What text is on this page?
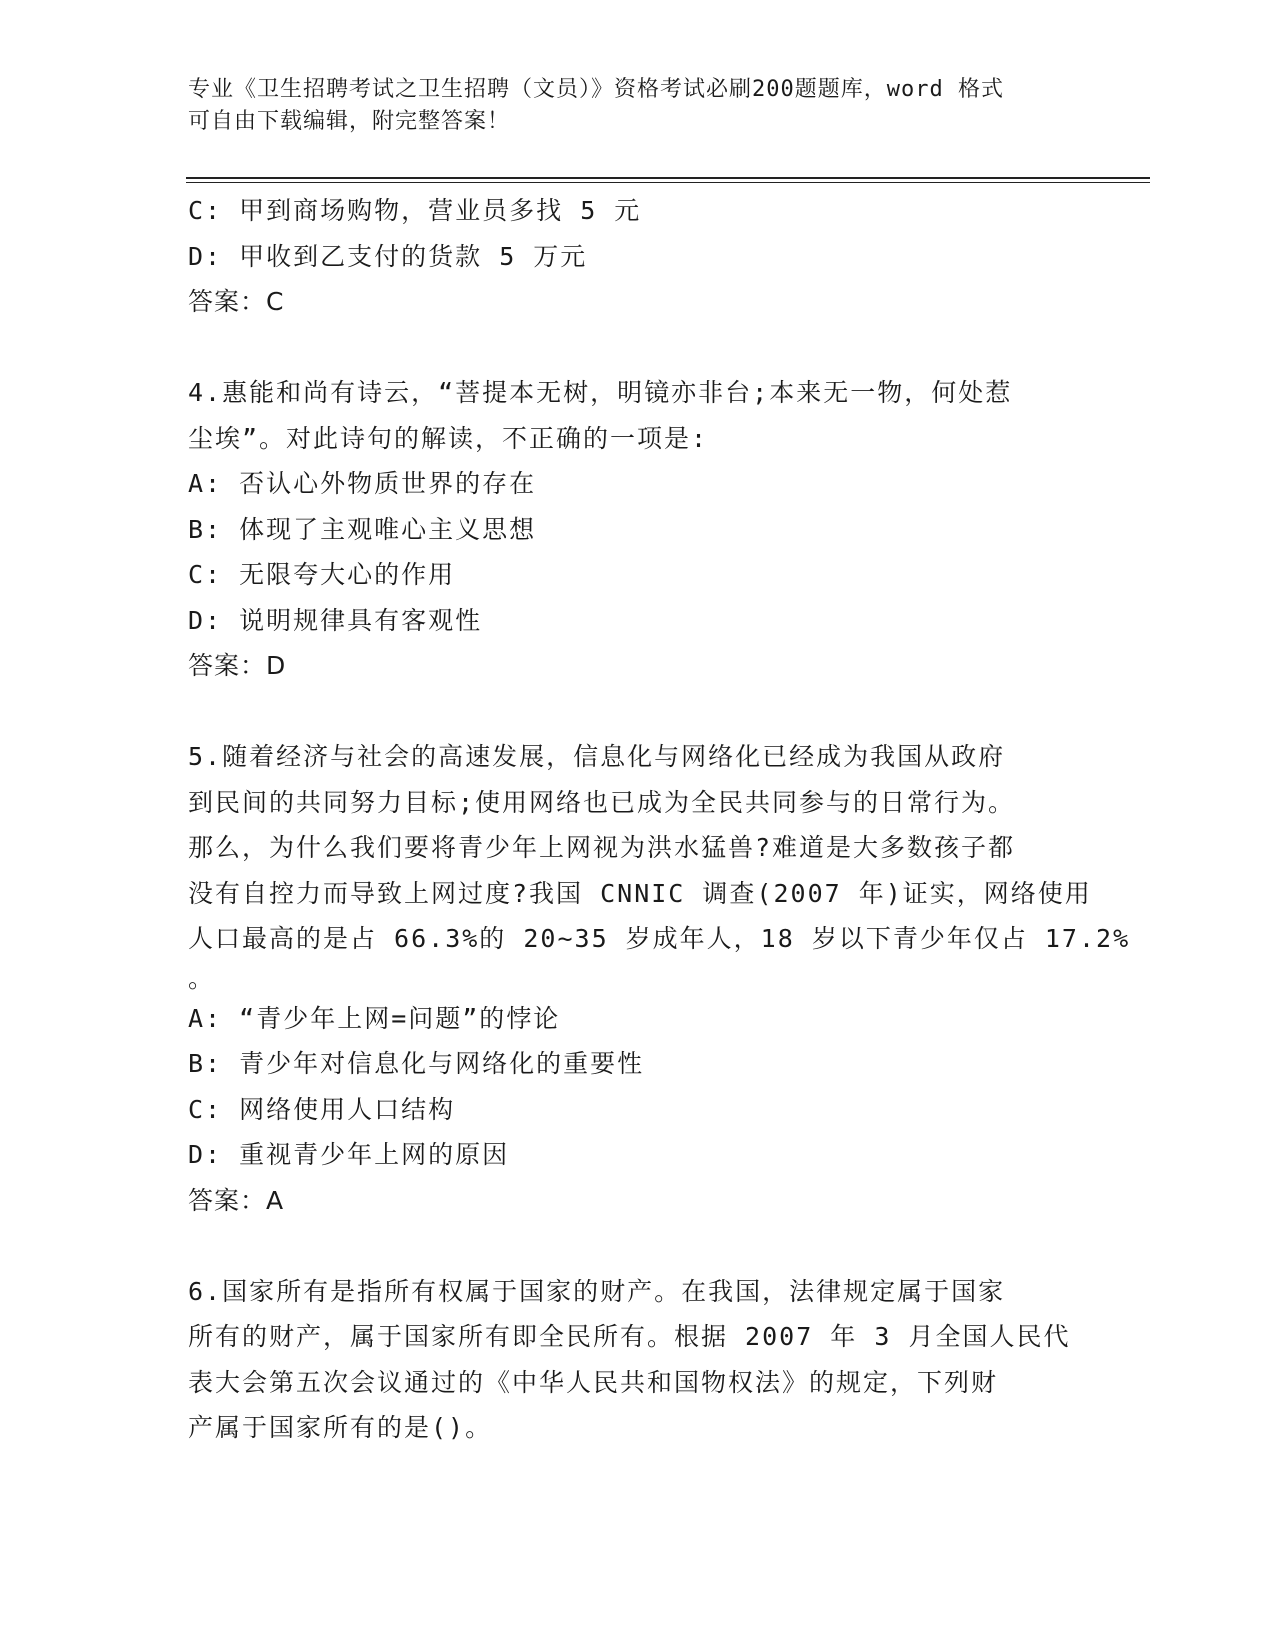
专业《卫生招聘考试之卫生招聘（文员）》资格考试必刷200题题库，word 格式
可自由下载编辑，附完整答案！
C: 甲到商场购物，营业员多找 5 元
D: 甲收到乙支付的货款 5 万元
答案：C
4.惠能和尚有诗云，“菩提本无树，明镜亦非台;本来无一物，何处惹
尘埃”。对此诗句的解读，不正确的一项是:
A: 否认心外物质世界的存在
B: 体现了主观唯心主义思想
C: 无限夸大心的作用
D: 说明规律具有客观性
答案：D
5.随着经济与社会的高速发展，信息化与网络化已经成为我国从政府
到民间的共同努力目标;使用网络也已成为全民共同参与的日常行为。
那么，为什么我们要将青少年上网视为洪水猛兽?难道是大多数孩子都
没有自控力而导致上网过度?我国 CNNIC 调查(2007 年)证实，网络使用
人口最高的是占 66.3%的 20~35 岁成年人，18 岁以下青少年仅占 17.2%
。
A: “青少年上网=问题”的悖论
B: 青少年对信息化与网络化的重要性
C: 网络使用人口结构
D: 重视青少年上网的原因
答案：A
6.国家所有是指所有权属于国家的财产。在我国，法律规定属于国家
所有的财产，属于国家所有即全民所有。根据 2007 年 3 月全国人民代
表大会第五次会议通过的《中华人民共和国物权法》的规定，下列财
产属于国家所有的是()。
